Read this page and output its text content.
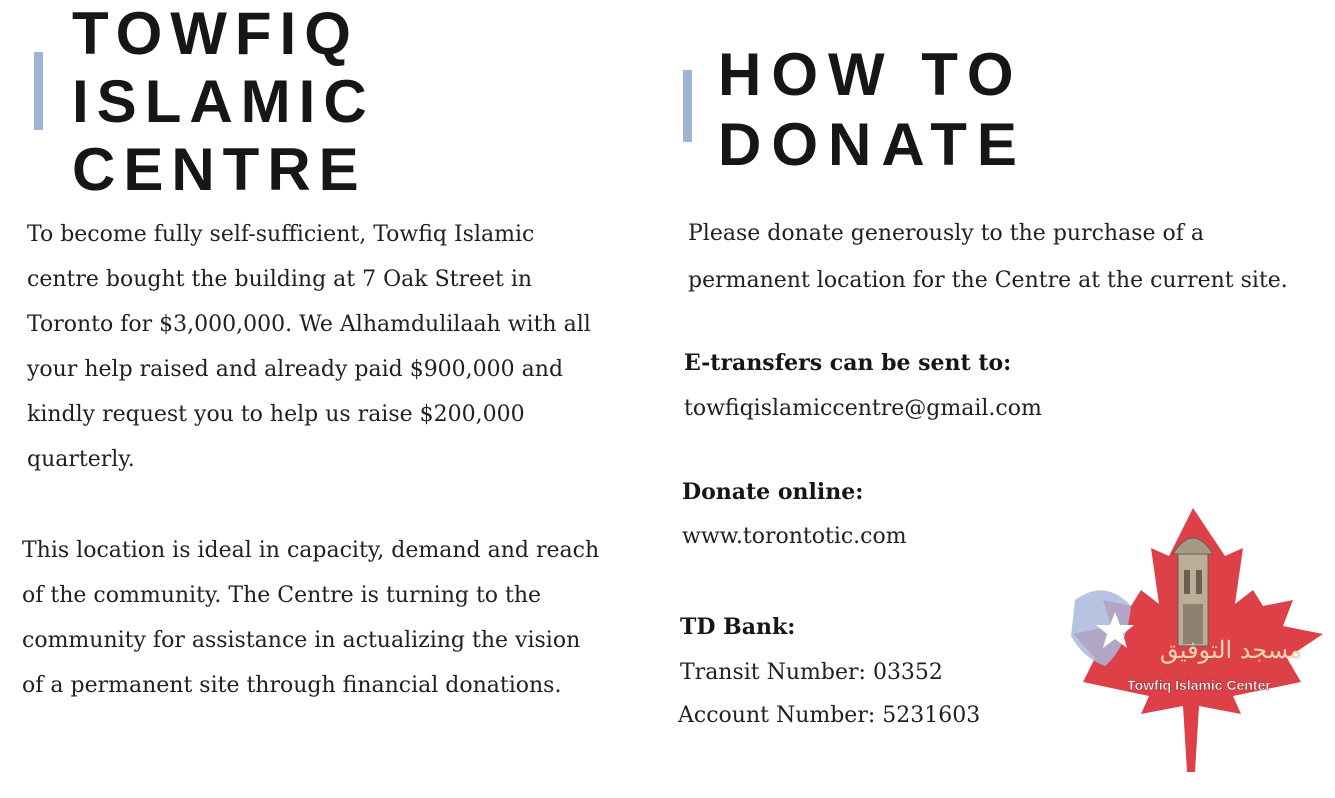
TOWFIQ
ISLAMIC
CENTRE

To become fully self-sufficient, Towfiq Islamic centre bought the building at 7 Oak Street in Toronto for $3,000,000. We Alhamdulilaah with all your help raised and already paid $900,000 and kindly request you to help us raise $200,000 quarterly.

This location is ideal in capacity, demand and reach of the community. The Centre is turning to the community for assistance in actualizing the vision of a permanent site through financial donations.

HOW TO
DONATE

Please donate generously to the purchase of a permanent location for the Centre at the current site.

E-transfers can be sent to:

towfiqislamiccentre@gmail.com

Donate online:

www.torontotic.com

TD Bank:

Transit Number: 03352

Account Number: 5231603

مسجد التوفيق
Towfiq Islamic Center
